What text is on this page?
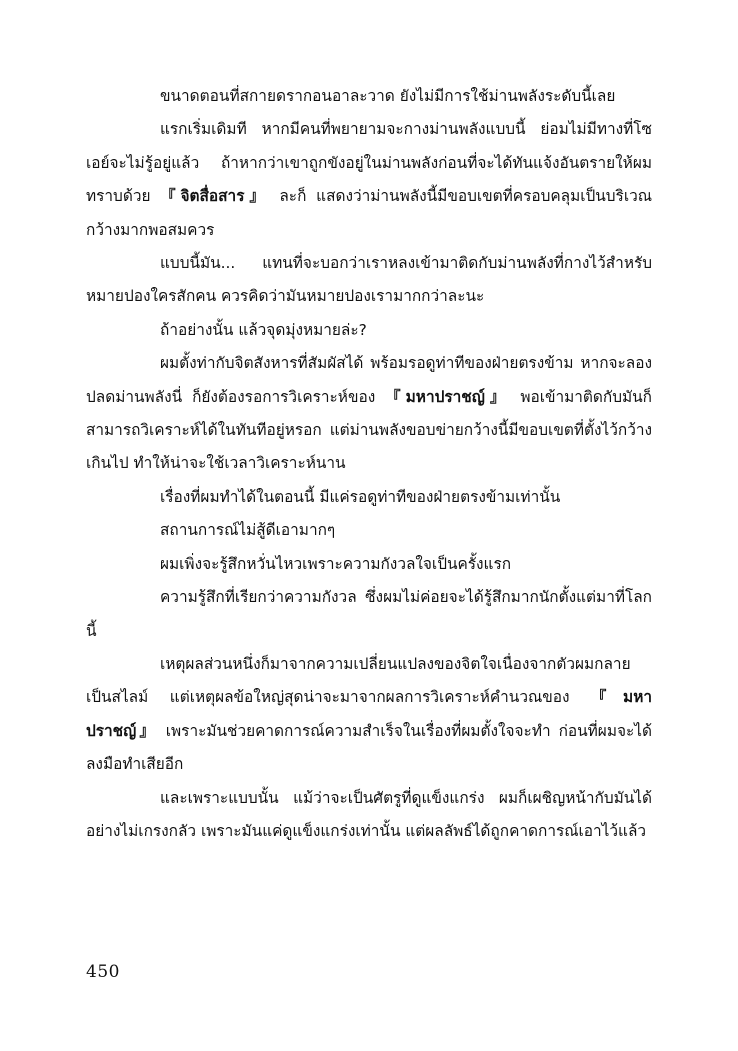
ขนาดตอนที่สกายดรากอนอาละวาด ยังไม่มีการใช้ม่านพลังระดับนี้เลย

แรกเริ่มเดิมที หากมีคนที่พยายามจะกางม่านพลังแบบนี้ ย่อมไม่มีทางที่โซเอย์จะไม่รู้อยู่แล้ว ถ้าหากว่าเขาถูกขังอยู่ในม่านพลังก่อนที่จะได้ทันแจ้งอันตรายให้ผมทราบด้วย 『จิตสื่อสาร』 ละก็ แสดงว่าม่านพลังนี้มีขอบเขตที่ครอบคลุมเป็นบริเวณกว้างมากพอสมควร

แบบนี้มัน... แทนที่จะบอกว่าเราหลงเข้ามาติดกับม่านพลังที่กางไว้สำหรับหมายปองใครสักคน ควรคิดว่ามันหมายปองเรามากกว่าละนะ

ถ้าอย่างนั้น แล้วจุดมุ่งหมายล่ะ?

ผมตั้งท่ากับจิตสังหารที่สัมผัสได้ พร้อมรอดูท่าทีของฝ่ายตรงข้าม หากจะลองปลดม่านพลังนี่ ก็ยังต้องรอการวิเคราะห์ของ 『มหาปราชญ์』 พอเข้ามาติดกับมันก็สามารถวิเคราะห์ได้ในทันทีอยู่หรอก แต่ม่านพลังขอบข่ายกว้างนี้มีขอบเขตที่ตั้งไว้กว้างเกินไป ทำให้น่าจะใช้เวลาวิเคราะห์นาน

เรื่องที่ผมทำได้ในตอนนี้ มีแค่รอดูท่าทีของฝ่ายตรงข้ามเท่านั้น

สถานการณ์ไม่สู้ดีเอามากๆ

ผมเพิ่งจะรู้สึกหวั่นไหวเพราะความกังวลใจเป็นครั้งแรก

ความรู้สึกที่เรียกว่าความกังวล ซึ่งผมไม่ค่อยจะได้รู้สึกมากนักตั้งแต่มาที่โลกนี้

เหตุผลส่วนหนึ่งก็มาจากความเปลี่ยนแปลงของจิตใจเนื่องจากตัวผมกลายเป็นสไลม์ แต่เหตุผลข้อใหญ่สุดน่าจะมาจากผลการวิเคราะห์คำนวณของ 『มหาปราชญ์』 เพราะมันช่วยคาดการณ์ความสำเร็จในเรื่องที่ผมตั้งใจจะทำ ก่อนที่ผมจะได้ลงมือทำเสียอีก

และเพราะแบบนั้น แม้ว่าจะเป็นศัตรูที่ดูแข็งแกร่ง ผมก็เผชิญหน้ากับมันได้อย่างไม่เกรงกลัว เพราะมันแค่ดูแข็งแกร่งเท่านั้น แต่ผลลัพธ์ได้ถูกคาดการณ์เอาไว้แล้ว

450
